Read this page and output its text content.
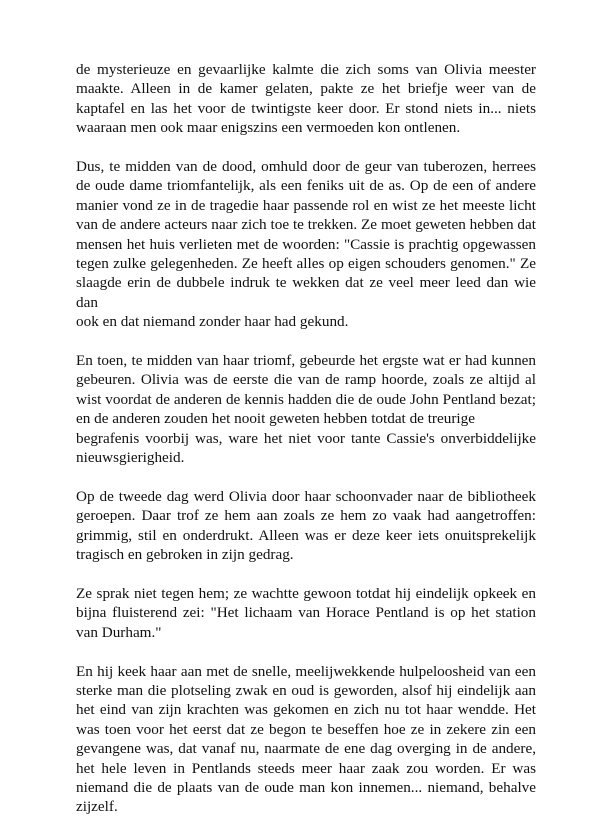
de mysterieuze en gevaarlijke kalmte die zich soms van Olivia meester
maakte. Alleen in de kamer gelaten, pakte ze het briefje weer van de
kaptafel en las het voor de twintigste keer door. Er stond niets in... niets
waaraan men ook maar enigszins een vermoeden kon ontlenen.

Dus, te midden van de dood, omhuld door de geur van tuberozen, herrees
de oude dame triomfantelijk, als een feniks uit de as. Op de een of andere
manier vond ze in de tragedie haar passende rol en wist ze het meeste licht
van de andere acteurs naar zich toe te trekken. Ze moet geweten hebben dat
mensen het huis verlieten met de woorden: "Cassie is prachtig opgewassen
tegen zulke gelegenheden. Ze heeft alles op eigen schouders genomen." Ze
slaagde erin de dubbele indruk te wekken dat ze veel meer leed dan wie dan
ook en dat niemand zonder haar had gekund.

En toen, te midden van haar triomf, gebeurde het ergste wat er had kunnen
gebeuren. Olivia was de eerste die van de ramp hoorde, zoals ze altijd al
wist voordat de anderen de kennis hadden die de oude John Pentland bezat;
en de anderen zouden het nooit geweten hebben totdat de treurige
begrafenis voorbij was, ware het niet voor tante Cassie's onverbiddelijke
nieuwsgierigheid.

Op de tweede dag werd Olivia door haar schoonvader naar de bibliotheek
geroepen. Daar trof ze hem aan zoals ze hem zo vaak had aangetroffen:
grimmig, stil en onderdrukt. Alleen was er deze keer iets onuitsprekelijk
tragisch en gebroken in zijn gedrag.

Ze sprak niet tegen hem; ze wachtte gewoon totdat hij eindelijk opkeek en
bijna fluisterend zei: "Het lichaam van Horace Pentland is op het station
van Durham."

En hij keek haar aan met de snelle, meelijwekkende hulpeloosheid van een
sterke man die plotseling zwak en oud is geworden, alsof hij eindelijk aan
het eind van zijn krachten was gekomen en zich nu tot haar wendde. Het
was toen voor het eerst dat ze begon te beseffen hoe ze in zekere zin een
gevangene was, dat vanaf nu, naarmate de ene dag overging in de andere,
het hele leven in Pentlands steeds meer haar zaak zou worden. Er was
niemand die de plaats van de oude man kon innemen... niemand, behalve
zijzelf.
